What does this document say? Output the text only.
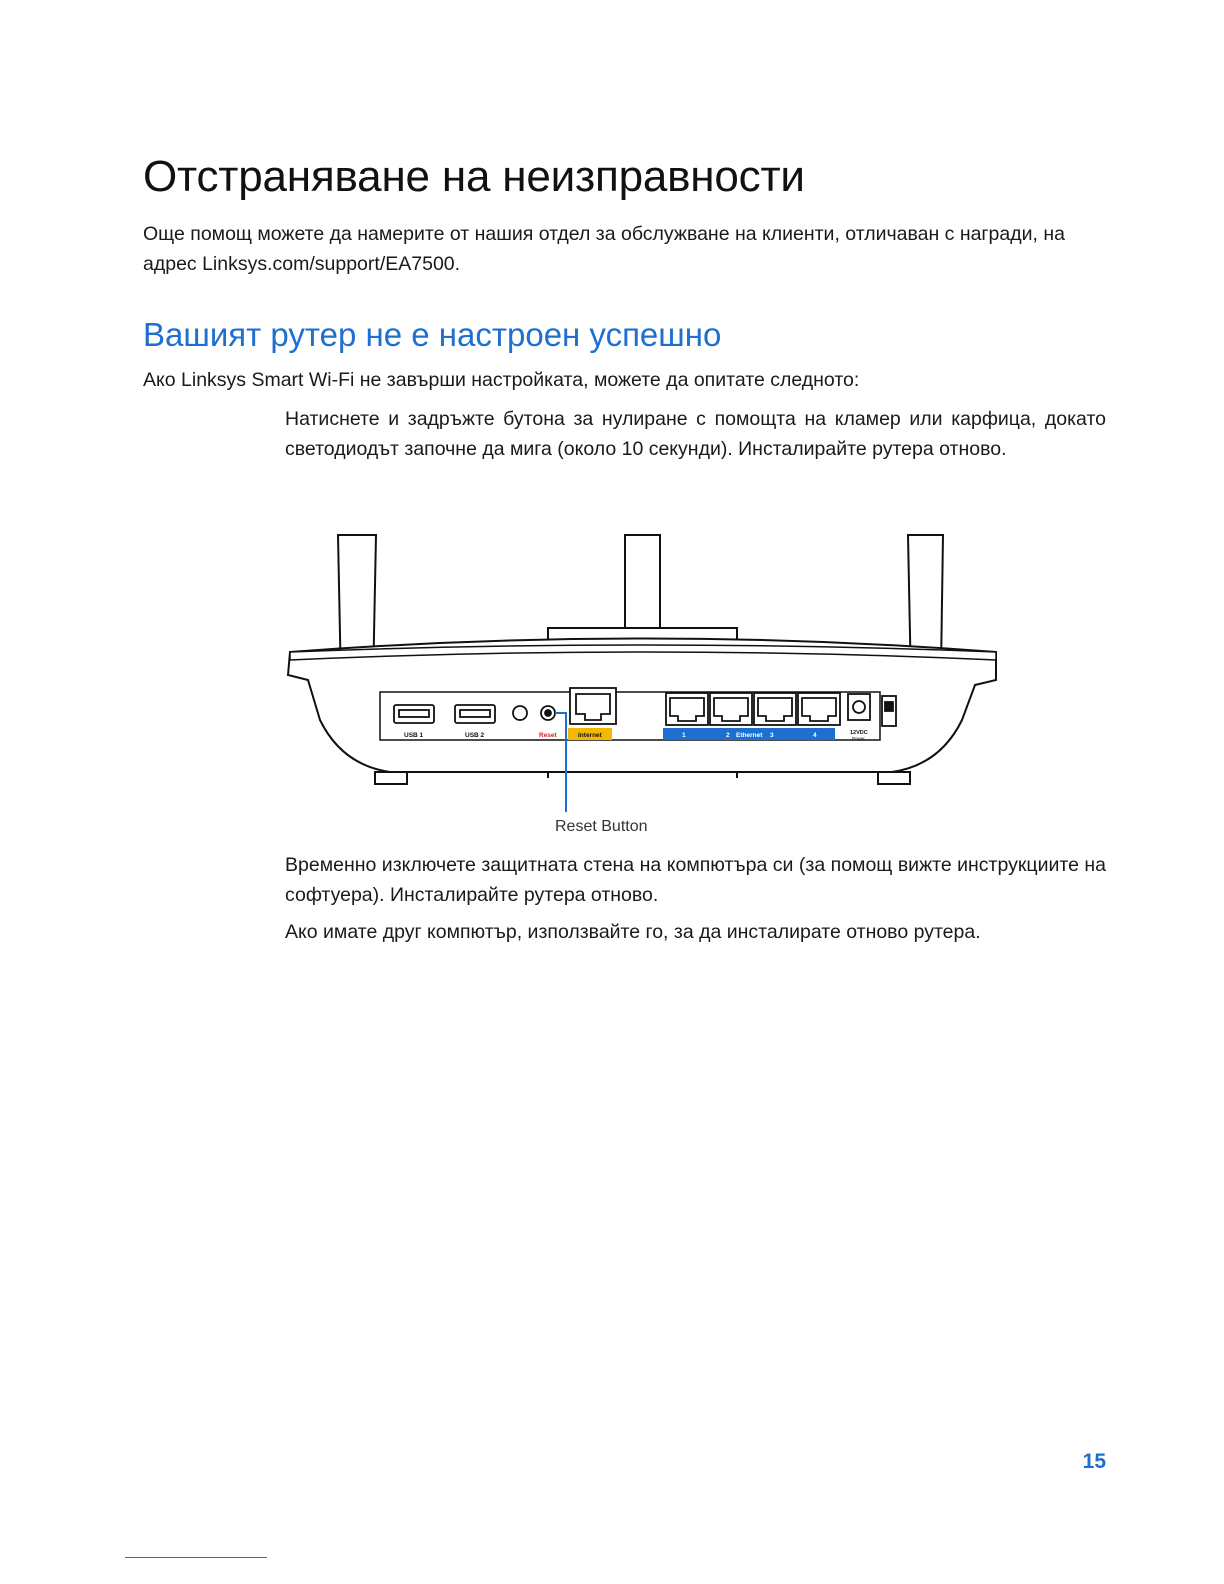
Отстраняване на неизправности

Още помощ можете да намерите от нашия отдел за обслужване на клиенти, отличаван с награди, на адрес Linksys.com/support/EA7500.

Вашият рутер не е настроен успешно

Ако Linksys Smart Wi-Fi не завърши настройката, можете да опитате следното:

Натиснете и задръжте бутона за нулиране с помощта на кламер или карфица, докато светодиодът започне да мига (около 10 секунди). Инсталирайте рутера отново.

USB 1	USB 2	Reset	Internet	1	2 Ethernet 3	4	12VDC
Power
Reset Button

Временно изключете защитната стена на компютъра си (за помощ вижте инструкциите на софтуера). Инсталирайте рутера отново.

Ако имате друг компютър, използвайте го, за да инсталирате отново рутера.

15
